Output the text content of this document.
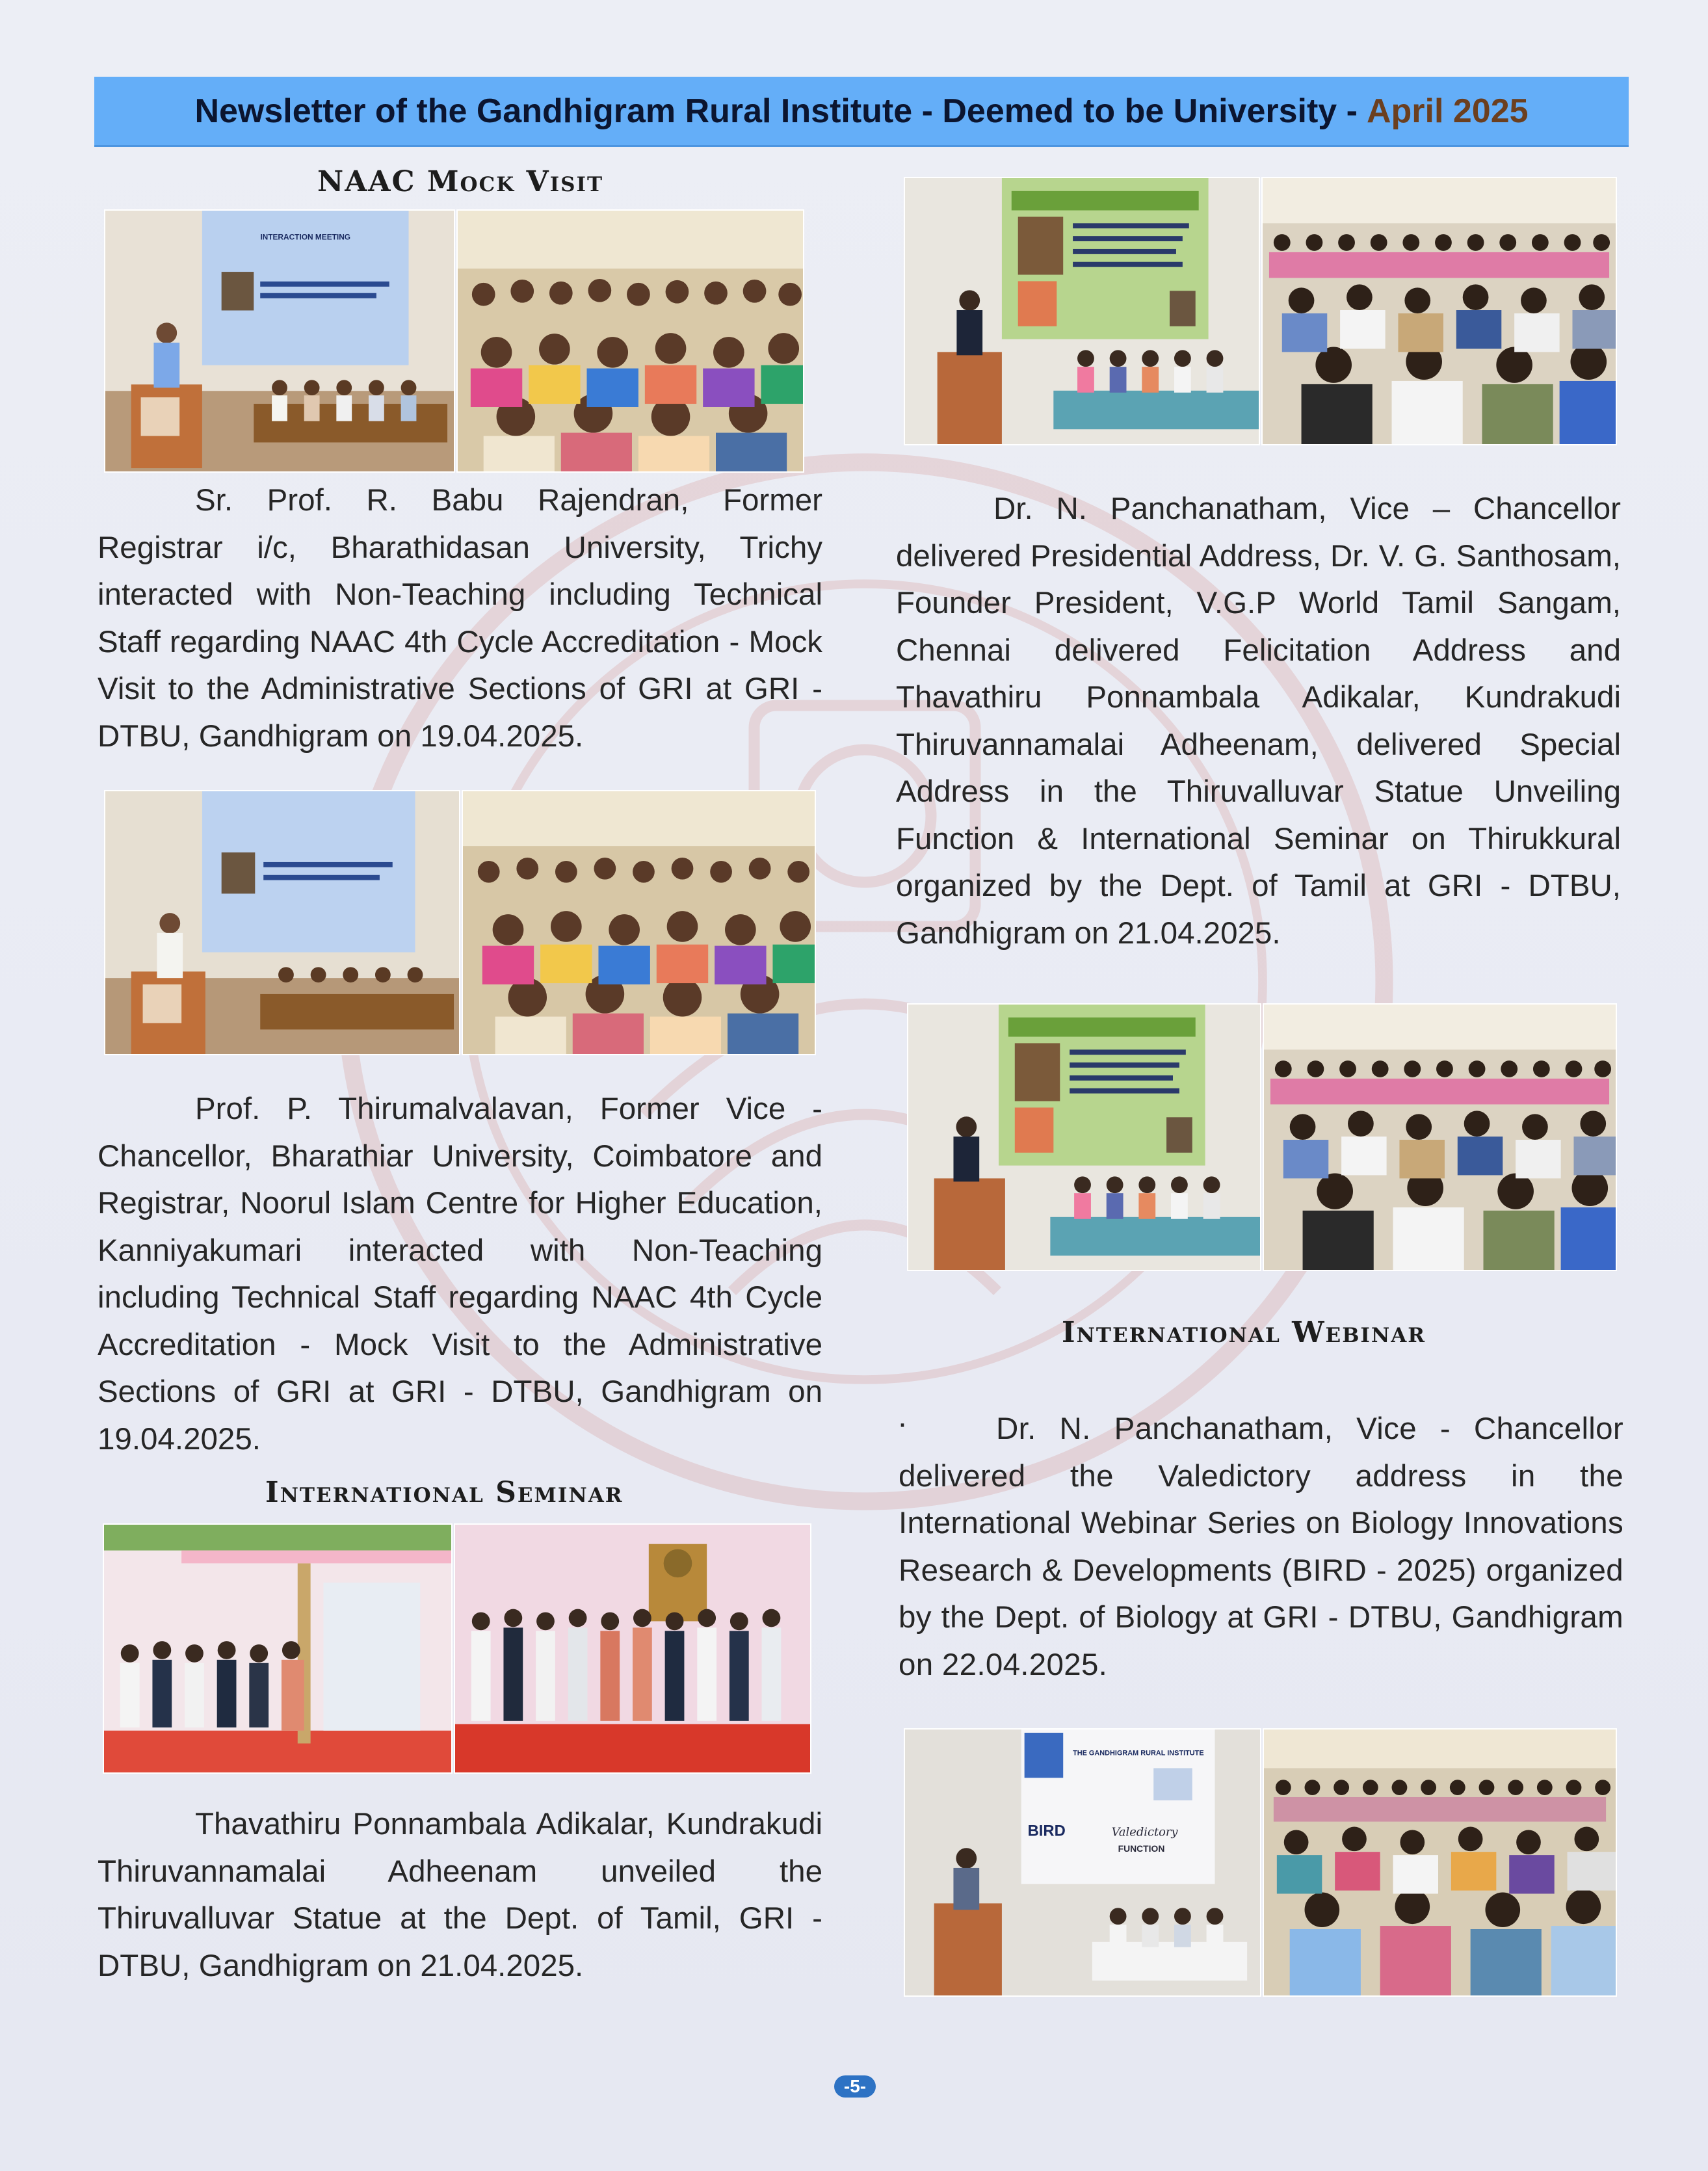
Newsletter of the Gandhigram Rural Institute - Deemed to be University - April 2025
NAAC Mock Visit
INTERACTION MEETING

Sr. Prof. R. Babu Rajendran, Former Registrar i/c, Bharathidasan University, Trichy interacted with Non-Teaching including Technical Staff regarding NAAC 4th Cycle Accreditation - Mock Visit to the Administrative Sections of GRI at GRI - DTBU, Gandhigram on 19.04.2025.

Prof. P. Thirumalvalavan, Former Vice - Chancellor, Bharathiar University, Coimbatore and Registrar, Noorul Islam Centre for Higher Education, Kanniyakumari interacted with Non-Teaching including Technical Staff regarding NAAC 4th Cycle Accreditation - Mock Visit to the Administrative Sections of GRI at GRI - DTBU, Gandhigram on 19.04.2025.

International Seminar

Thavathiru Ponnambala Adikalar, Kundrakudi Thiruvannamalai Adheenam unveiled the Thiruvalluvar Statue at the Dept. of Tamil, GRI - DTBU, Gandhigram on 21.04.2025.

Dr. N. Panchanatham, Vice – Chancellor delivered Presidential Address, Dr. V. G. Santhosam, Founder President, V.G.P World Tamil Sangam, Chennai delivered Felicitation Address and Thavathiru Ponnambala Adikalar, Kundrakudi Thiruvannamalai Adheenam, delivered Special Address in the Thiruvalluvar Statue Unveiling Function & International Seminar on Thirukkural organized by the Dept. of Tamil at GRI - DTBU, Gandhigram on 21.04.2025.

International Webinar
·	Dr. N. Panchanatham, Vice - Chancellor delivered the Valedictory address in the International Webinar Series on Biology Innovations Research & Developments (BIRD - 2025) organized by the Dept. of Biology at GRI - DTBU, Gandhigram on 22.04.2025.

THE GANDHIGRAM RURAL INSTITUTE
BIRD	Valedictory
FUNCTION
-5-
